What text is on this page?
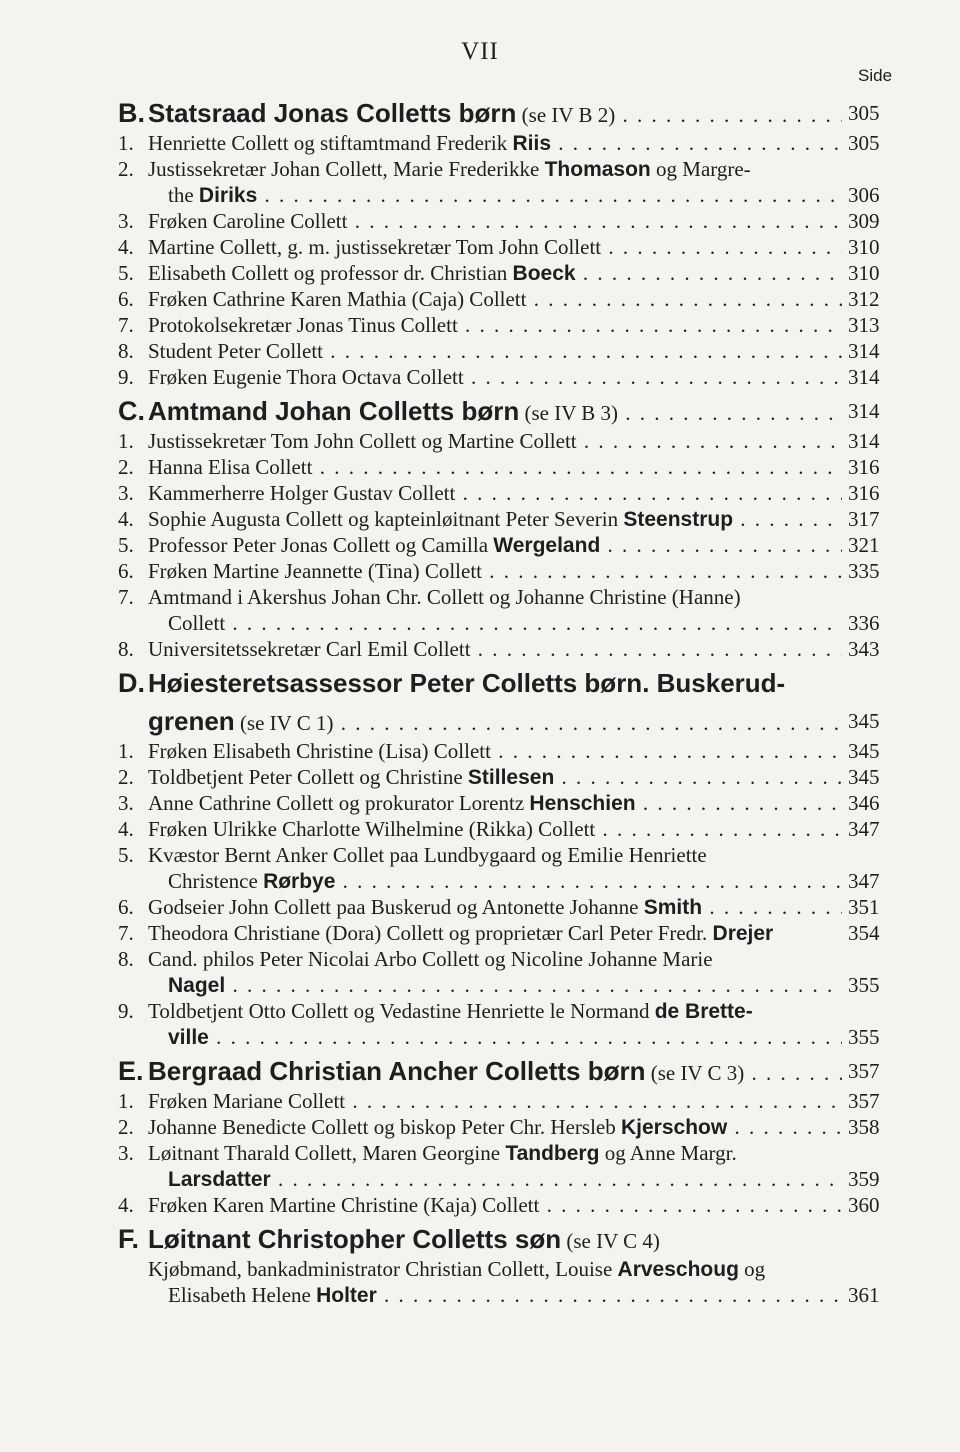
VII
Side
B. Statsraad Jonas Colletts børn (se IV B 2) . . .	305
1. Henriette Collett og stiftamtmand Frederik Riis . . .	305
2. Justissekretær Johan Collett, Marie Frederikke Thomason og Margre-
the Diriks . . .	306
3. Frøken Caroline Collett . . .	309
4. Martine Collett, g. m. justissekretær Tom John Collett . . .	310
5. Elisabeth Collett og professor dr. Christian Boeck . . .	310
6. Frøken Cathrine Karen Mathia (Caja) Collett . . .	312
7. Protokolsekretær Jonas Tinus Collett . . .	313
8. Student Peter Collett . . .	314
9. Frøken Eugenie Thora Octava Collett . . .	314
C. Amtmand Johan Colletts børn (se IV B 3) . . .	314
1. Justissekretær Tom John Collett og Martine Collett . . .	314
2. Hanna Elisa Collett . . .	316
3. Kammerherre Holger Gustav Collett . . .	316
4. Sophie Augusta Collett og kapteinløitnant Peter Severin Steenstrup . . .	317
5. Professor Peter Jonas Collett og Camilla Wergeland . . .	321
6. Frøken Martine Jeannette (Tina) Collett . . .	335
7. Amtmand i Akershus Johan Chr. Collett og Johanne Christine (Hanne)
Collett . . .	336
8. Universitetssekretær Carl Emil Collett . . .	343
D. Høiesteretsassessor Peter Colletts børn. Buskerud-
grenen (se IV C 1) . . .	345
1. Frøken Elisabeth Christine (Lisa) Collett . . .	345
2. Toldbetjent Peter Collett og Christine Stillesen . . .	345
3. Anne Cathrine Collett og prokurator Lorentz Henschien . . .	346
4. Frøken Ulrikke Charlotte Wilhelmine (Rikka) Collett . . .	347
5. Kvæstor Bernt Anker Collet paa Lundbygaard og Emilie Henriette
Christence Rørbye . . .	347
6. Godseier John Collett paa Buskerud og Antonette Johanne Smith . . .	351
7. Theodora Christiane (Dora) Collett og proprietær Carl Peter Fredr. Drejer	354
8. Cand. philos Peter Nicolai Arbo Collett og Nicoline Johanne Marie
Nagel . . .	355
9. Toldbetjent Otto Collett og Vedastine Henriette le Normand de Brette-
ville . . .	355
E. Bergraad Christian Ancher Colletts børn (se IV C 3) . . .	357
1. Frøken Mariane Collett . . .	357
2. Johanne Benedicte Collett og biskop Peter Chr. Hersleb Kjerschow . . .	358
3. Løitnant Tharald Collett, Maren Georgine Tandberg og Anne Margr.
Larsdatter . . .	359
4. Frøken Karen Martine Christine (Kaja) Collett . . .	360
F. Løitnant Christopher Colletts søn (se IV C 4)
Kjøbmand, bankadministrator Christian Collett, Louise Arveschoug og
Elisabeth Helene Holter . . .	361
